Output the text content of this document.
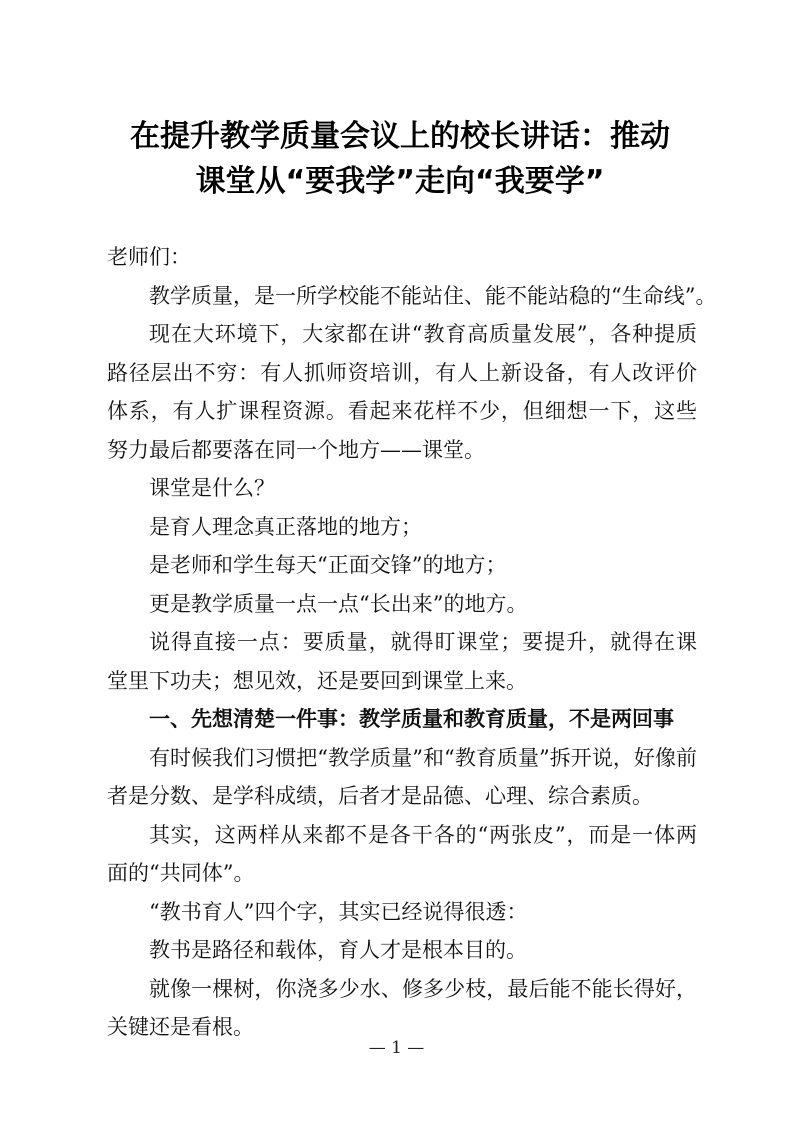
在提升教学质量会议上的校长讲话：推动
课堂从“要我学”走向“我要学”
老师们：
教学质量，是一所学校能不能站住、能不能站稳的“生命线”。
现在大环境下，大家都在讲“教育高质量发展”，各种提质
路径层出不穷：有人抓师资培训，有人上新设备，有人改评价
体系，有人扩课程资源。看起来花样不少，但细想一下，这些
努力最后都要落在同一个地方——课堂。
课堂是什么？
是育人理念真正落地的地方；
是老师和学生每天“正面交锋”的地方；
更是教学质量一点一点“长出来”的地方。
说得直接一点：要质量，就得盯课堂；要提升，就得在课
堂里下功夫；想见效，还是要回到课堂上来。
一、先想清楚一件事：教学质量和教育质量，不是两回事
有时候我们习惯把“教学质量”和“教育质量”拆开说，好像前
者是分数、是学科成绩，后者才是品德、心理、综合素质。
其实，这两样从来都不是各干各的“两张皮”，而是一体两
面的“共同体”。
“教书育人”四个字，其实已经说得很透：
教书是路径和载体，育人才是根本目的。
就像一棵树，你浇多少水、修多少枝，最后能不能长得好，
关键还是看根。
— 1 —
